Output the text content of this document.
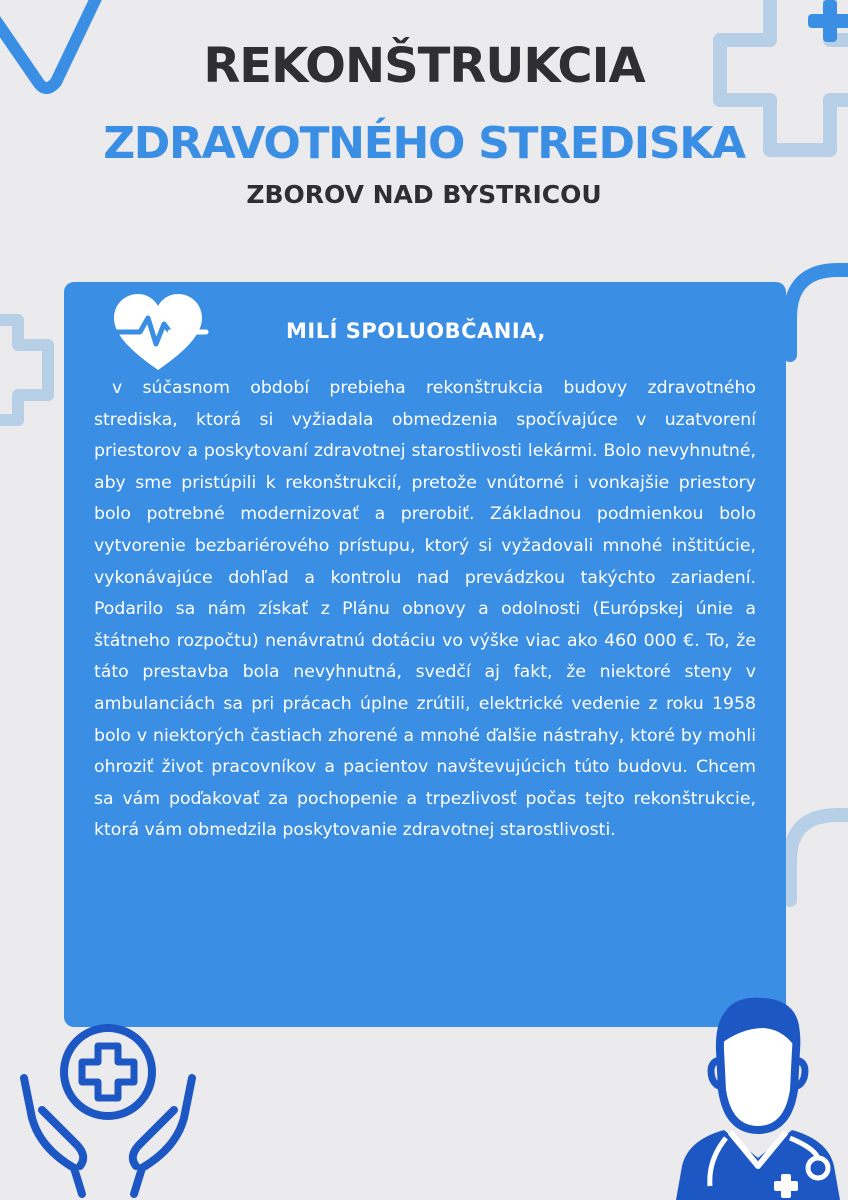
REKONŠTRUKCIA
ZDRAVOTNÉHO STREDISKA
ZBOROV NAD BYSTRICOU
MILÍ SPOLUOBČANIA,

v súčasnom období prebieha rekonštrukcia budovy zdravotného strediska, ktorá si vyžiadala obmedzenia spočívajúce v uzatvorení priestorov a poskytovaní zdravotnej starostlivosti lekármi. Bolo nevyhnutné, aby sme pristúpili k rekonštrukcií, pretože vnútorné i vonkajšie priestory bolo potrebné modernizovať a prerobiť. Základnou podmienkou bolo vytvorenie bezbariérového prístupu, ktorý si vyžadovali mnohé inštitúcie, vykonávajúce dohľad a kontrolu nad prevádzkou takýchto zariadení. Podarilo sa nám získať z Plánu obnovy a odolnosti (Európskej únie a štátneho rozpočtu) nenávratnú dotáciu vo výške viac ako 460 000 €. To, že táto prestavba bola nevyhnutná, svedčí aj fakt, že niektoré steny v ambulanciách sa pri prácach úplne zrútili, elektrické vedenie z roku 1958 bolo v niektorých častiach zhorené a mnohé ďalšie nástrahy, ktoré by mohli ohroziť život pracovníkov a pacientov navštevujúcich túto budovu. Chcem sa vám poďakovať za pochopenie a trpezlivosť počas tejto rekonštrukcie, ktorá vám obmedzila poskytovanie zdravotnej starostlivosti.
